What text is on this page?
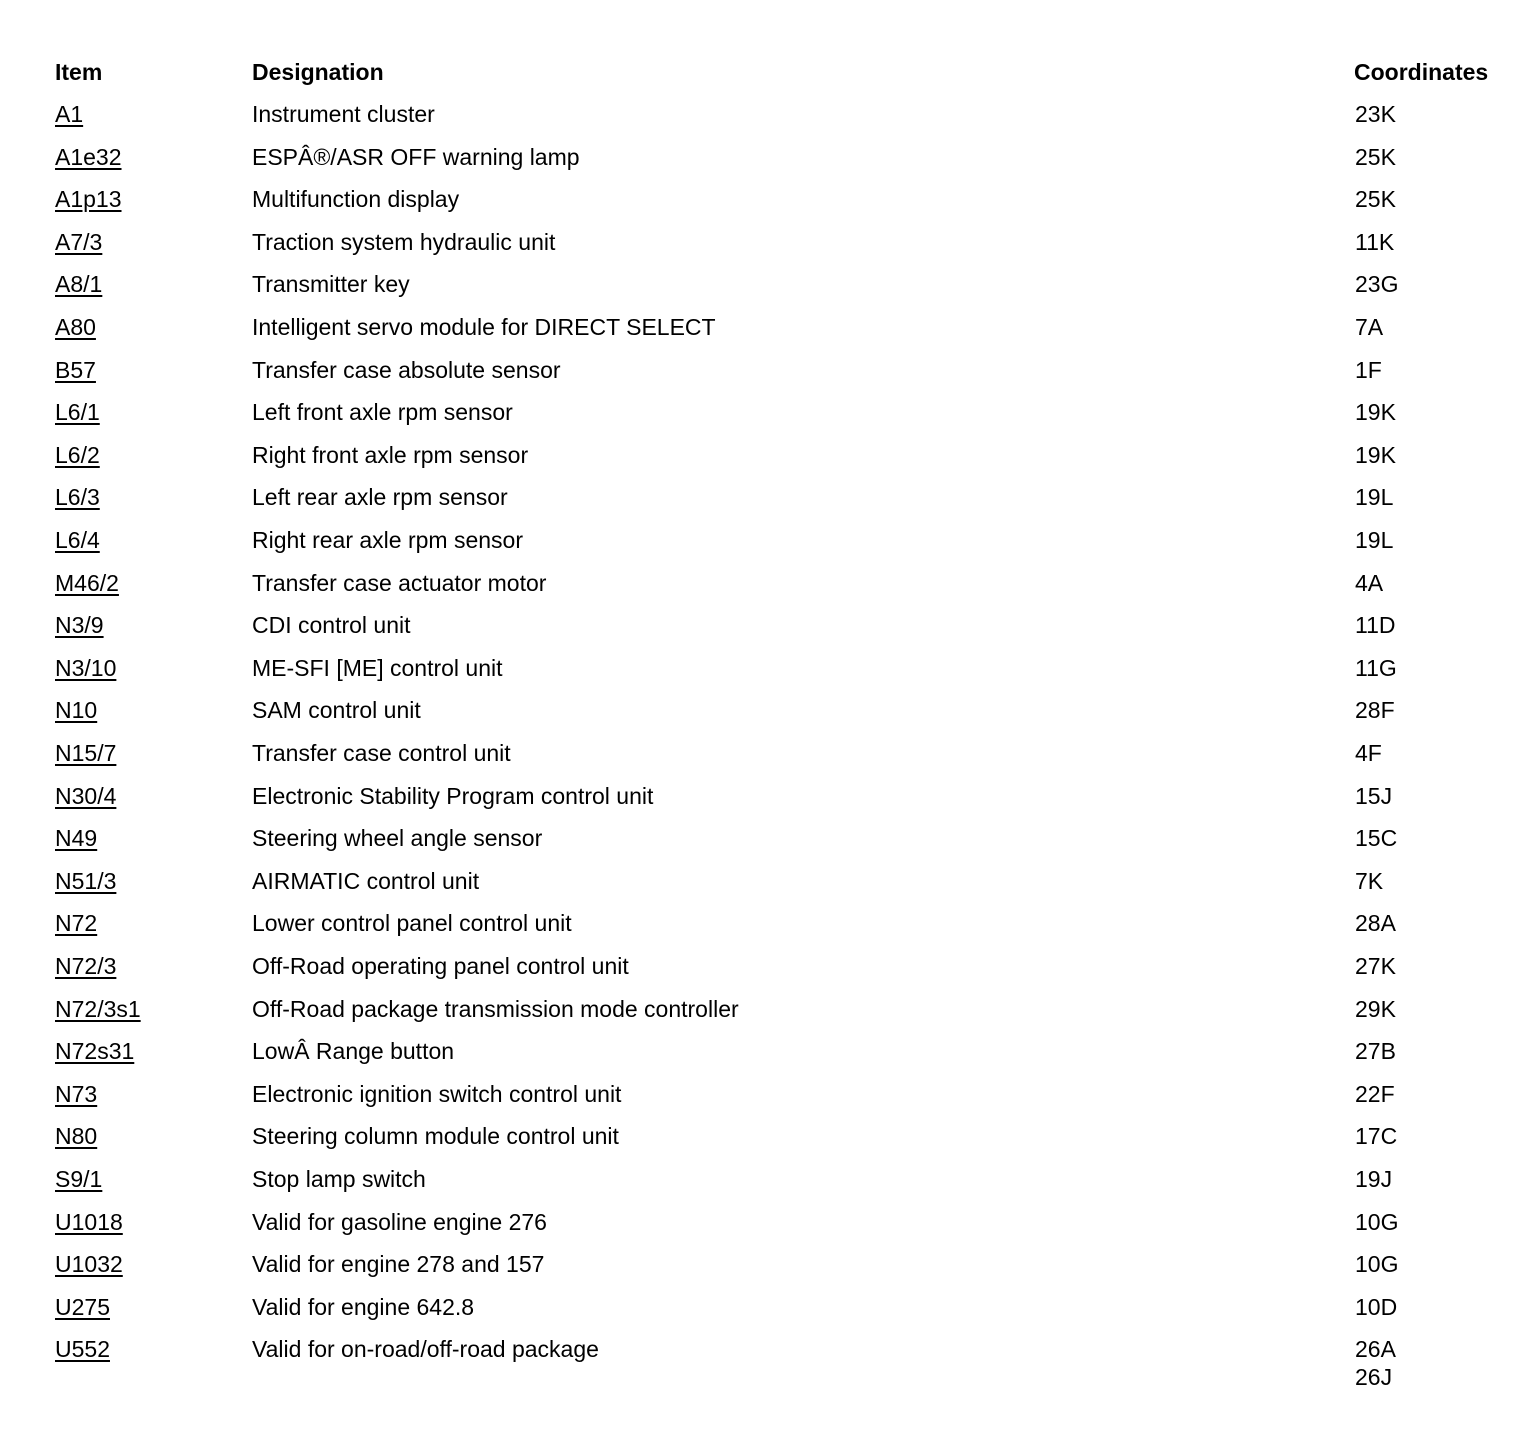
Item	Designation	Coordinates
A1	Instrument cluster	23K
A1e32	ESPÂ®/ASR OFF warning lamp	25K
A1p13	Multifunction display	25K
A7/3	Traction system hydraulic unit	11K
A8/1	Transmitter key	23G
A80	Intelligent servo module for DIRECT SELECT	7A
B57	Transfer case absolute sensor	1F
L6/1	Left front axle rpm sensor	19K
L6/2	Right front axle rpm sensor	19K
L6/3	Left rear axle rpm sensor	19L
L6/4	Right rear axle rpm sensor	19L
M46/2	Transfer case actuator motor	4A
N3/9	CDI control unit	11D
N3/10	ME-SFI [ME] control unit	11G
N10	SAM control unit	28F
N15/7	Transfer case control unit	4F
N30/4	Electronic Stability Program control unit	15J
N49	Steering wheel angle sensor	15C
N51/3	AIRMATIC control unit	7K
N72	Lower control panel control unit	28A
N72/3	Off-Road operating panel control unit	27K
N72/3s1	Off-Road package transmission mode controller	29K
N72s31	LowÂ Range button	27B
N73	Electronic ignition switch control unit	22F
N80	Steering column module control unit	17C
S9/1	Stop lamp switch	19J
U1018	Valid for gasoline engine 276	10G
U1032	Valid for engine 278 and 157	10G
U275	Valid for engine 642.8	10D
U552	Valid for on-road/off-road package	26A
26J
